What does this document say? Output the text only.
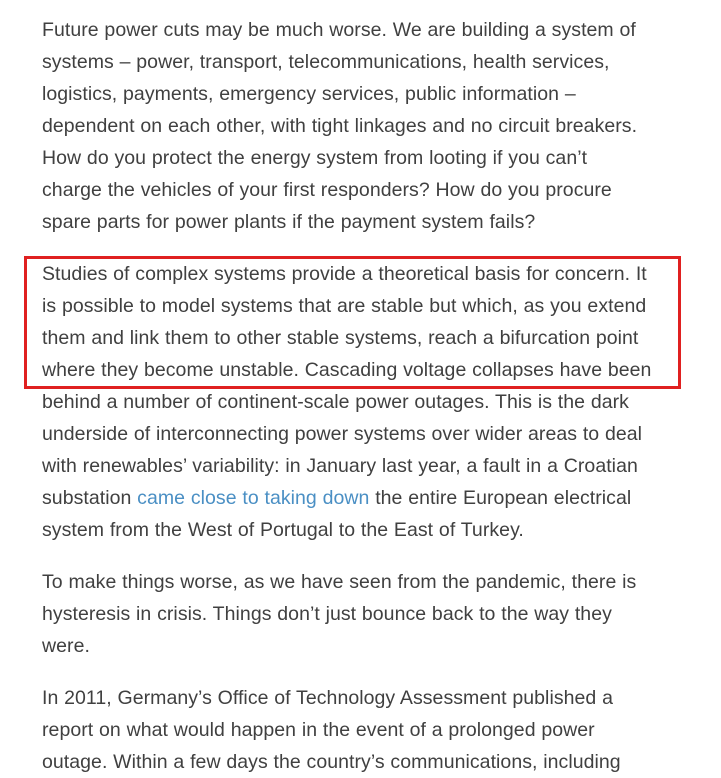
Future power cuts may be much worse. We are building a system of
systems – power, transport, telecommunications, health services,
logistics, payments, emergency services, public information –
dependent on each other, with tight linkages and no circuit breakers.
How do you protect the energy system from looting if you can’t
charge the vehicles of your first responders? How do you procure
spare parts for power plants if the payment system fails?

Studies of complex systems provide a theoretical basis for concern. It
is possible to model systems that are stable but which, as you extend
them and link them to other stable systems, reach a bifurcation point
where they become unstable. Cascading voltage collapses have been
behind a number of continent-scale power outages. This is the dark
underside of interconnecting power systems over wider areas to deal
with renewables’ variability: in January last year, a fault in a Croatian
substation came close to taking down the entire European electrical
system from the West of Portugal to the East of Turkey.

To make things worse, as we have seen from the pandemic, there is
hysteresis in crisis. Things don’t just bounce back to the way they
were.

In 2011, Germany’s Office of Technology Assessment published a
report on what would happen in the event of a prolonged power
outage. Within a few days the country’s communications, including
